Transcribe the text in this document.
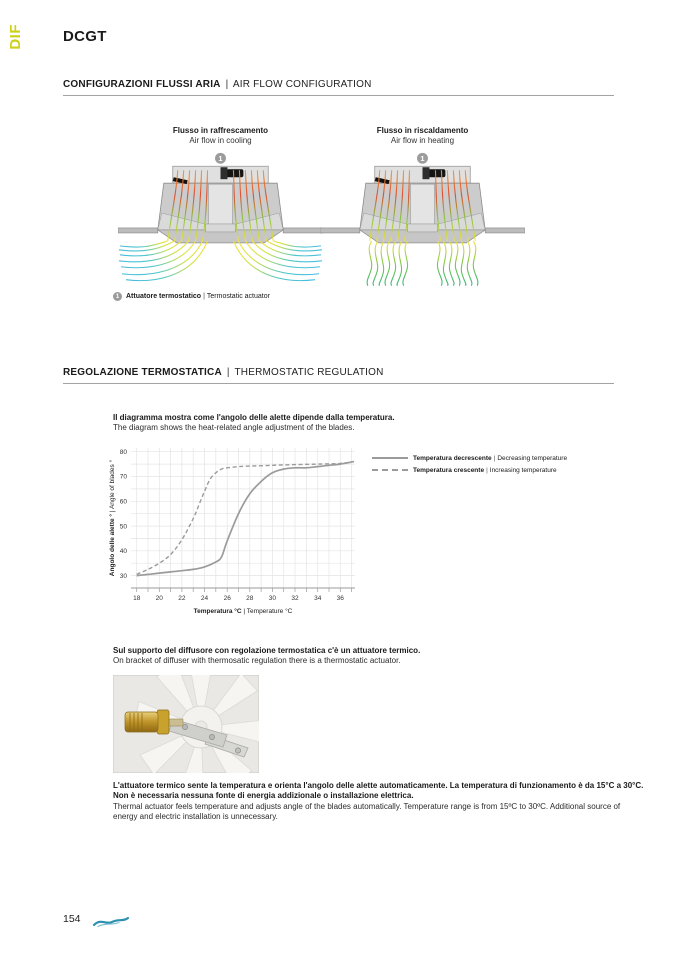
DIF	DCGT
CONFIGURAZIONI FLUSSI ARIA | AIR FLOW CONFIGURATION
Flusso in raffrescamento
Air flow in cooling
1
Flusso in riscaldamento
Air flow in heating
1
1 Attuatore termostatico | Termostatic actuator
REGOLAZIONE TERMOSTATICA | THERMOSTATIC REGULATION
Il diagramma mostra come l'angolo delle alette dipende dalla temperatura.
The diagram shows the heat-related angle adjustment of the blades.
30
40
50
60
70
80
18 20 22 24 26 28 30 32 34 36
Temperatura °C | Temperature °C
Angolo delle alette ° | Angle of blades °
Temperatura decrescente | Decreasing temperature
Temperatura crescente | Increasing temperature
Sul supporto del diffusore con regolazione termostatica c'è un attuatore termico.
On bracket of diffuser with thermosatic regulation there is a thermostatic actuator.
L'attuatore termico sente la temperatura e orienta l'angolo delle alette automaticamente. La temperatura di funzionamento è da 15°C a 30°C.
Non è necessaria nessuna fonte di energia addizionale o installazione elettrica.
Thermal actuator feels temperature and adjusts angle of the blades automatically. Temperature range is from 15ºC to 30ºC. Additional source of energy and electric installation is unnecessary.
154
